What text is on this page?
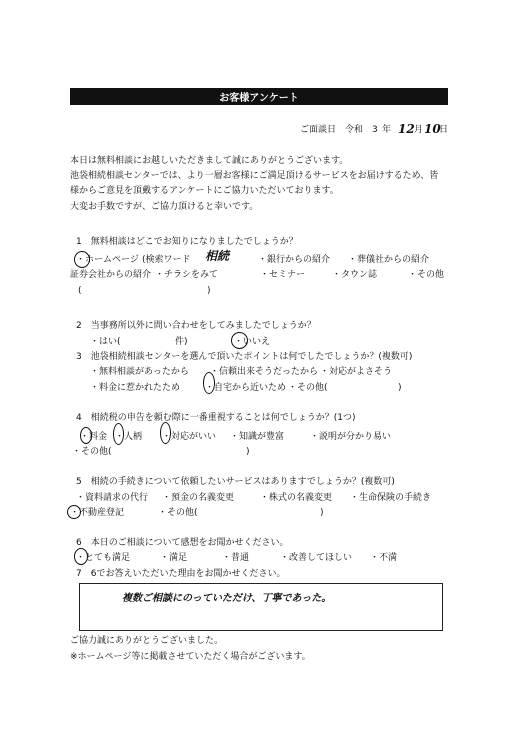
お客様アンケート
ご面談日 令和 3 年 12 月 10
日
本日は無料相談にお越しいただきまして誠にありがとうございます。
池袋相続相談センターでは、より一層お客様にご満足頂けるサービスをお届けするため、皆
様からご意見を頂戴するアンケートにご協力いただいております。
大変お手数ですが、ご協力頂けると幸いです。
1　無料相談はどこでお知りになりましたでしょうか？
・ホームページ (検索ワード 相続	・銀行からの紹介 ・葬儀社からの紹介
証券会社からの紹介 ・チラシをみて	・セミナー	・タウン誌	・その他
(	)
2　当事務所以外に問い合わせをしてみましたでしょうか？
・はい(	件)	・いいえ
3　池袋相続相談センターを選んで頂いたポイントは何でしたでしょうか？(複数可)
・無料相談があったから ・信頼出来そうだったから ・対応がよさそう
・料金に惹かれたため	・自宅から近いため ・その他(	)
4　相続税の申告を頼む際に一番重視することは何でしょうか？(1つ)
・料金 ・人柄 ・対応がいい ・知識が豊富	・説明が分かり易い
・その他(	)
5　相続の手続きについて依頼したいサービスはありますでしょうか？(複数可)
・資料請求の代行 ・預金の名義変更	・株式の名義変更 ・生命保険の手続き
・不動産登記	・その他(	)
6　本日のご相談について感想をお聞かせください。
・とても満足	・満足	・普通	・改善してほしい ・不満
7　6でお答えいただいた理由をお聞かせください。
複数ご相談にのっていただけ、丁寧であった。
ご協力誠にありがとうございました。
※ホームページ等に掲載させていただく場合がございます。
